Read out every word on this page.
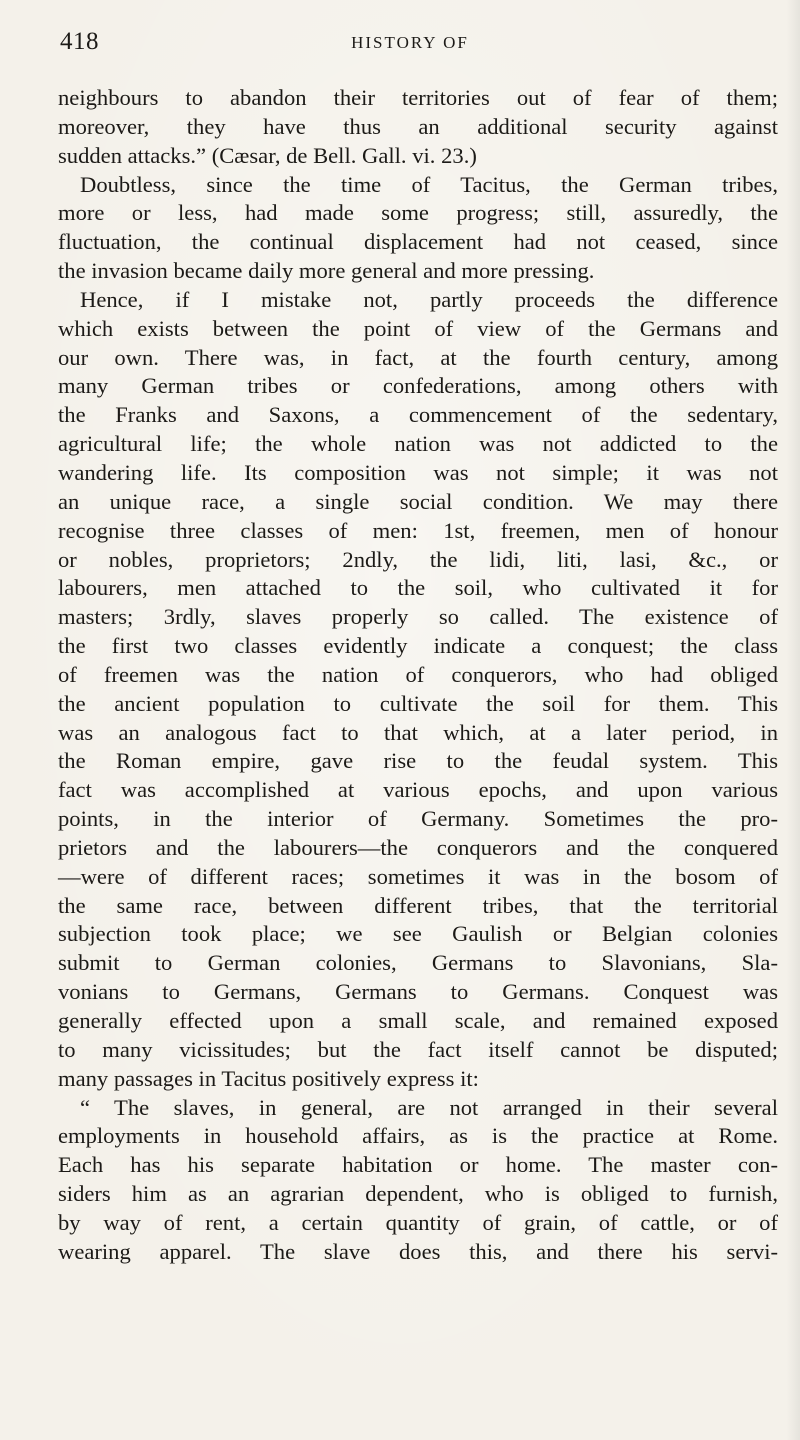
418	HISTORY OF
neighbours to abandon their territories out of fear of them;
moreover, they have thus an additional security against
sudden attacks.” (Cæsar, de Bell. Gall. vi. 23.)
Doubtless, since the time of Tacitus, the German tribes,
more or less, had made some progress; still, assuredly, the
fluctuation, the continual displacement had not ceased, since
the invasion became daily more general and more pressing.
Hence, if I mistake not, partly proceeds the difference
which exists between the point of view of the Germans and
our own. There was, in fact, at the fourth century, among
many German tribes or confederations, among others with
the Franks and Saxons, a commencement of the sedentary,
agricultural life; the whole nation was not addicted to the
wandering life. Its composition was not simple; it was not
an unique race, a single social condition. We may there
recognise three classes of men: 1st, freemen, men of honour
or nobles, proprietors; 2ndly, the lidi, liti, lasi, &c., or
labourers, men attached to the soil, who cultivated it for
masters; 3rdly, slaves properly so called. The existence of
the first two classes evidently indicate a conquest; the class
of freemen was the nation of conquerors, who had obliged
the ancient population to cultivate the soil for them. This
was an analogous fact to that which, at a later period, in
the Roman empire, gave rise to the feudal system. This
fact was accomplished at various epochs, and upon various
points, in the interior of Germany. Sometimes the pro-
prietors and the labourers—the conquerors and the conquered
—were of different races; sometimes it was in the bosom of
the same race, between different tribes, that the territorial
subjection took place; we see Gaulish or Belgian colonies
submit to German colonies, Germans to Slavonians, Sla-
vonians to Germans, Germans to Germans. Conquest was
generally effected upon a small scale, and remained exposed
to many vicissitudes; but the fact itself cannot be disputed;
many passages in Tacitus positively express it:
“ The slaves, in general, are not arranged in their several
employments in household affairs, as is the practice at Rome.
Each has his separate habitation or home. The master con-
siders him as an agrarian dependent, who is obliged to furnish,
by way of rent, a certain quantity of grain, of cattle, or of
wearing apparel. The slave does this, and there his servi-
